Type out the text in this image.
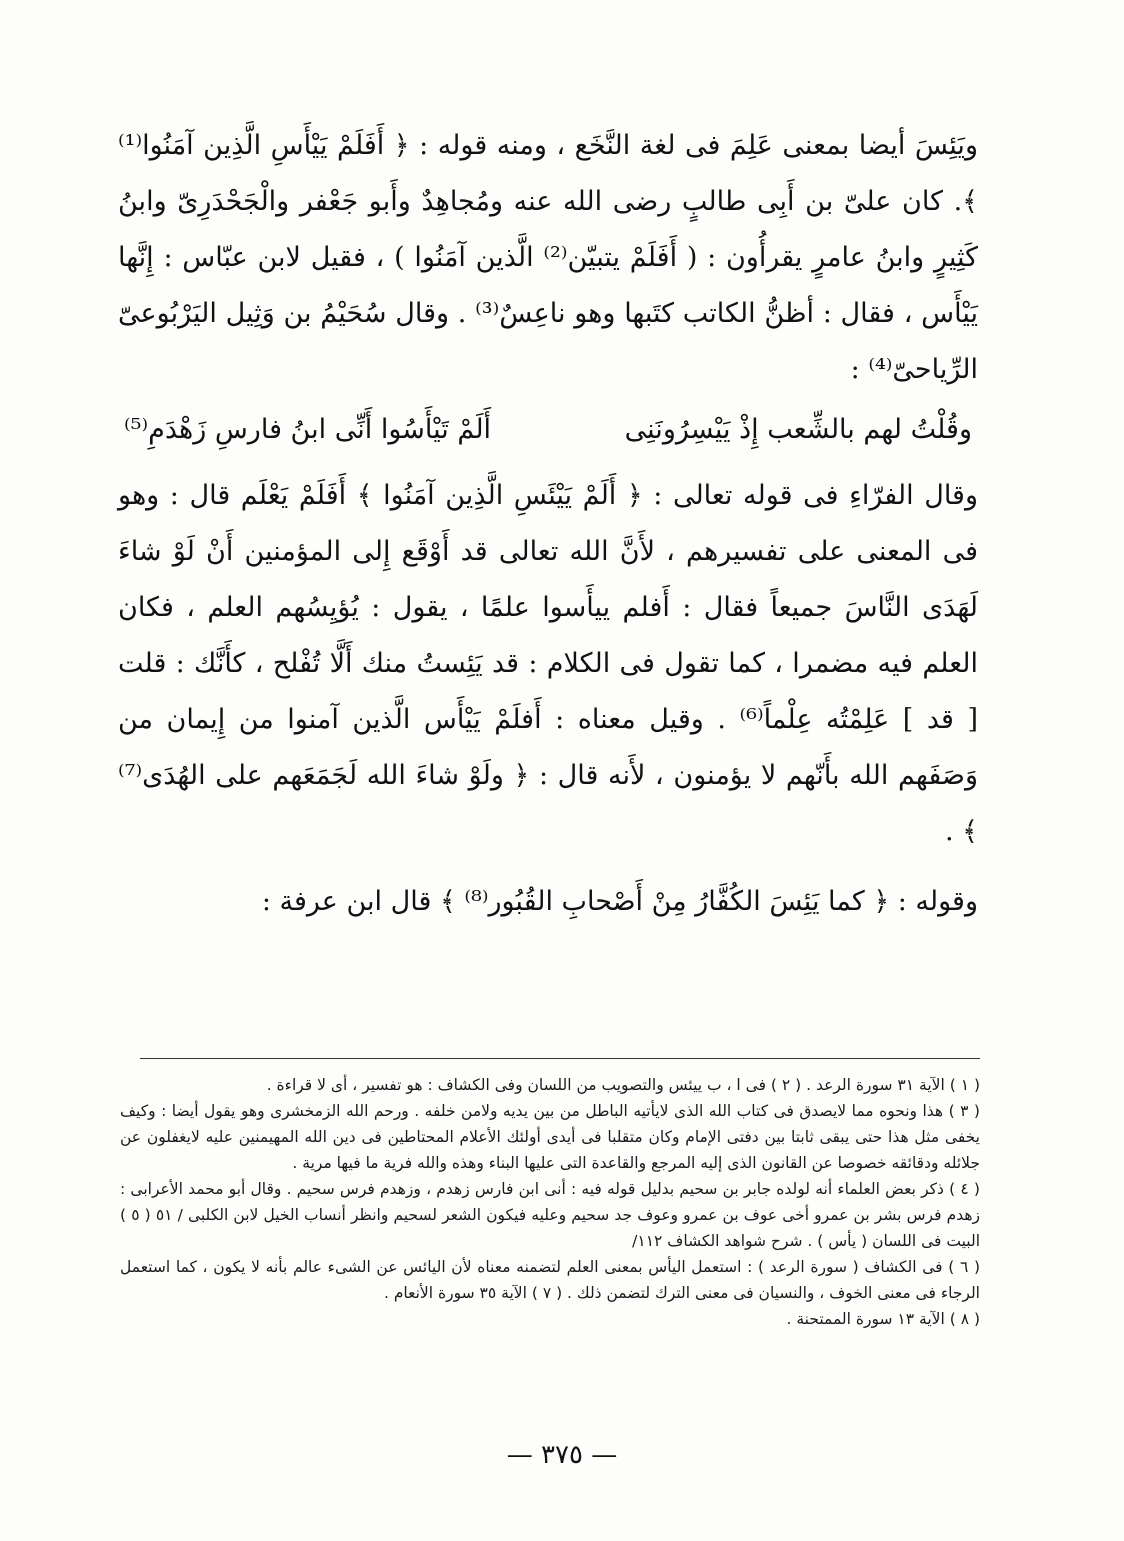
ويَئِسَ أيضا بمعنى عَلِمَ فى لغة النَّخَع ، ومنه قوله : ﴿ أَفَلَمْ يَيْأَسِ الَّذِين آمَنُوا⁽¹⁾ ﴾. كان علىّ بن أَبِى طالبٍ رضى الله عنه ومُجاهِدٌ وأَبو جَعْفر والْجَحْدَرِىّ وابنُ كَثِيرٍ وابنُ عامرٍ يقرأُون : ( أَفَلَمْ يتبيّن⁽²⁾ الَّذين آمَنُوا ) ، فقيل لابن عبّاس : إِنَّها يَيْأَس ، فقال : أظنُّ الكاتب كتَبها وهو ناعِسٌ⁽³⁾ . وقال سُحَيْمُ بن وَثِيل اليَرْبُوعىّ الرِّياحىّ⁽⁴⁾ :

وقُلْتُ لهم بالشِّعب إِذْ يَيْسِرُونَنِى
أَلَمْ تَيْأَسُوا أَنِّى ابنُ فارسِ زَهْدَمِ⁽⁵⁾

وقال الفرّاءِ فى قوله تعالى : ﴿ أَلَمْ يَيْئَسِ الَّذِين آمَنُوا ﴾ أَفَلَمْ يَعْلَم قال : وهو فى المعنى على تفسيرهم ، لأَنَّ الله تعالى قد أَوْقَع إِلى المؤمنين أَنْ لَوْ شاءَ لَهَدَى النَّاسَ جميعاً فقال : أَفلم ييأَسوا علمًا ، يقول : يُؤيِسُهم العلم ، فكان العلم فيه مضمرا ، كما تقول فى الكلام : قد يَئِستُ منك أَلَّا تُفْلح ، كأَنَّك : قلت [ قد ] عَلِمْتُه عِلْماً⁽⁶⁾ . وقيل معناه : أَفلَمْ يَيْأَس الَّذين آمنوا من إِيمان من وَصَفَهم الله بأَنّهم لا يؤمنون ، لأَنه قال : ﴿ ولَوْ شاءَ الله لَجَمَعَهم على الهُدَى⁽⁷⁾ ﴾ .

وقوله : ﴿ كما يَئِسَ الكُفَّارُ مِنْ أَصْحابِ القُبُور⁽⁸⁾ ﴾ قال ابن عرفة :

( ١ ) الآية ٣١ سورة الرعد . ( ٢ ) فى ا ، ب ييئس والتصويب من اللسان وفى الكشاف : هو تفسير ، أى لا قراءة .

( ٣ ) هذا ونحوه مما لايصدق فى كتاب الله الذى لايأتيه الباطل من بين يديه ولامن خلفه . ورحم الله الزمخشرى وهو يقول أيضا : وكيف يخفى مثل هذا حتى يبقى ثابتا بين دفتى الإمام وكان متقلبا فى أيدى أولئك الأعلام المحتاطين فى دين الله المهيمنين عليه لايغفلون عن جلائله ودقائقه خصوصا عن القانون الذى إليه المرجع والقاعدة التى عليها البناء وهذه والله فرية ما فيها مرية .

( ٤ ) ذكر بعض العلماء أنه لولده جابر بن سحيم بدليل قوله فيه : أنى ابن فارس زهدم ، وزهدم فرس سحيم . وقال أبو محمد الأعرابى : زهدم فرس بشر بن عمرو أخى عوف بن عمرو وعوف جد سحيم وعليه فيكون الشعر لسحيم وانظر أنساب الخيل لابن الكلبى / ٥١ ( ٥ ) البيت فى اللسان ( يأس ) . شرح شواهد الكشاف ١١٢/

( ٦ ) فى الكشاف ( سورة الرعد ) : استعمل اليأس بمعنى العلم لتضمنه معناه لأن اليائس عن الشىء عالم بأنه لا يكون ، كما استعمل الرجاء فى معنى الخوف ، والنسيان فى معنى الترك لتضمن ذلك . ( ٧ ) الآية ٣٥ سورة الأنعام .

( ٨ ) الآية ١٣ سورة الممتحنة .

— ٣٧٥ —
